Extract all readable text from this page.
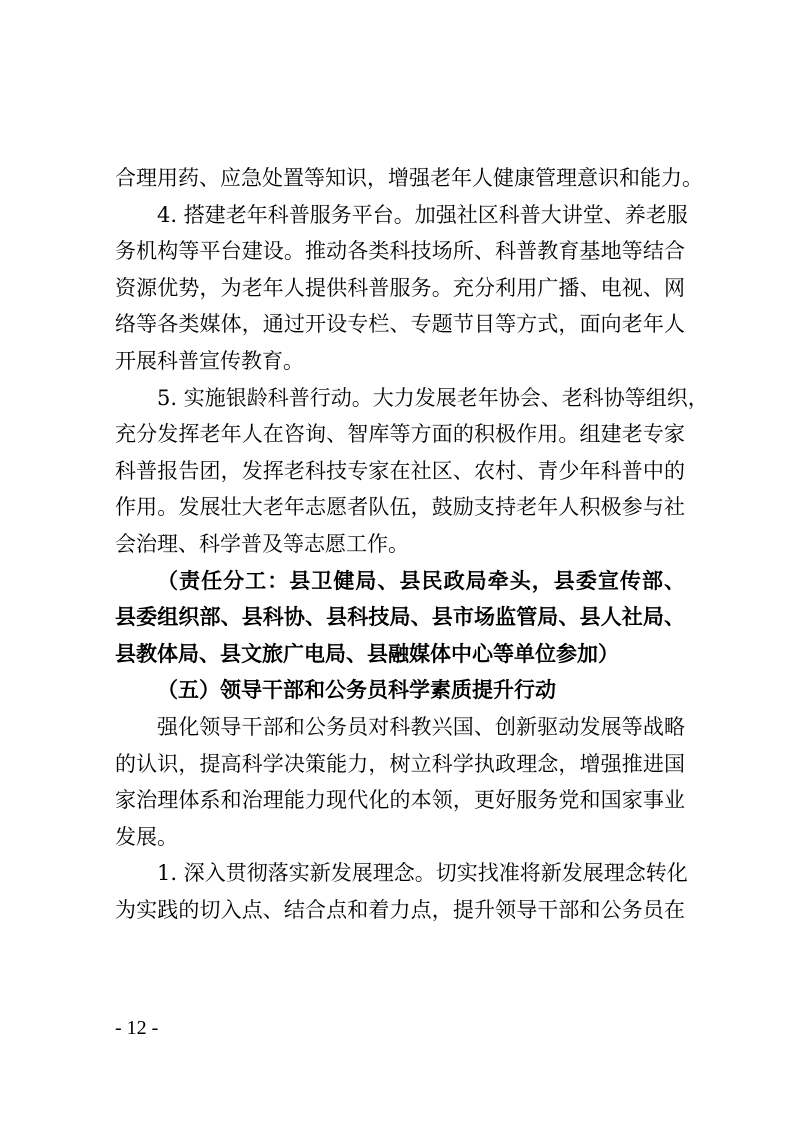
合理用药、应急处置等知识，增强老年人健康管理意识和能力。
4. 搭建老年科普服务平台。加强社区科普大讲堂、养老服
务机构等平台建设。推动各类科技场所、科普教育基地等结合
资源优势，为老年人提供科普服务。充分利用广播、电视、网
络等各类媒体，通过开设专栏、专题节目等方式，面向老年人
开展科普宣传教育。
5. 实施银龄科普行动。大力发展老年协会、老科协等组织，
充分发挥老年人在咨询、智库等方面的积极作用。组建老专家
科普报告团，发挥老科技专家在社区、农村、青少年科普中的
作用。发展壮大老年志愿者队伍，鼓励支持老年人积极参与社
会治理、科学普及等志愿工作。
（责任分工：县卫健局、县民政局牵头，县委宣传部、
县委组织部、县科协、县科技局、县市场监管局、县人社局、
县教体局、县文旅广电局、县融媒体中心等单位参加）
（五）领导干部和公务员科学素质提升行动
强化领导干部和公务员对科教兴国、创新驱动发展等战略
的认识，提高科学决策能力，树立科学执政理念，增强推进国
家治理体系和治理能力现代化的本领，更好服务党和国家事业
发展。
1. 深入贯彻落实新发展理念。切实找准将新发展理念转化
为实践的切入点、结合点和着力点，提升领导干部和公务员在
- 12 -
